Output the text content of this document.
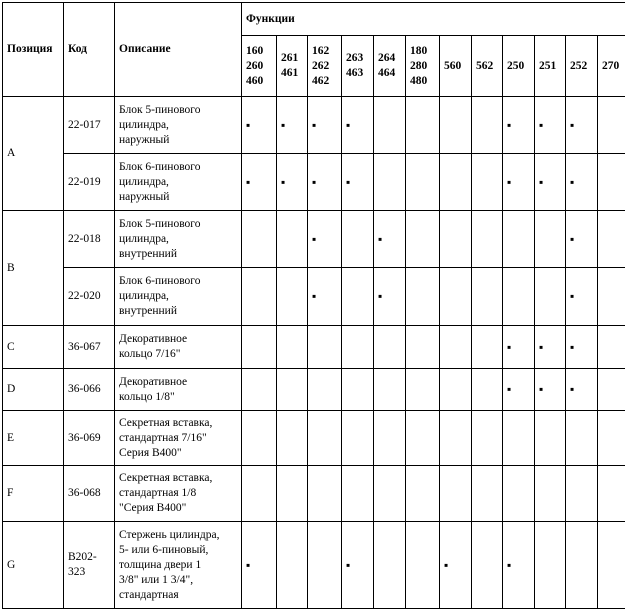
Позиция	Код	Описание	Функции											
			160
260
460	261
461	162
262
462	263
463	264
464	180
280
480	560	562	250	251	252	270
A	22-017	Блок 5-пинового
цилиндра,
наружный	▪	▪	▪	▪					▪	▪	▪	
	22-019	Блок 6-пинового
цилиндра,
наружный	▪	▪	▪	▪					▪	▪	▪	
B	22-018	Блок 5-пинового
цилиндра,
внутренний			▪		▪						▪	
	22-020	Блок 6-пинового
цилиндра,
внутренний			▪		▪						▪	
C	36-067	Декоративное
кольцо 7/16"									▪	▪	▪	
D	36-066	Декоративное
кольцо 1/8"									▪	▪	▪	
E	36-069	Секретная вставка,
стандартная 7/16"
Серия B400"												
F	36-068	Секретная вставка,
стандартная 1/8
"Серия B400"												
G	B202-323	Стержень цилиндра,
5- или 6-пиновый,
толщина двери 1
3/8" или 1 3/4",
стандартная	▪			▪			▪		▪			
